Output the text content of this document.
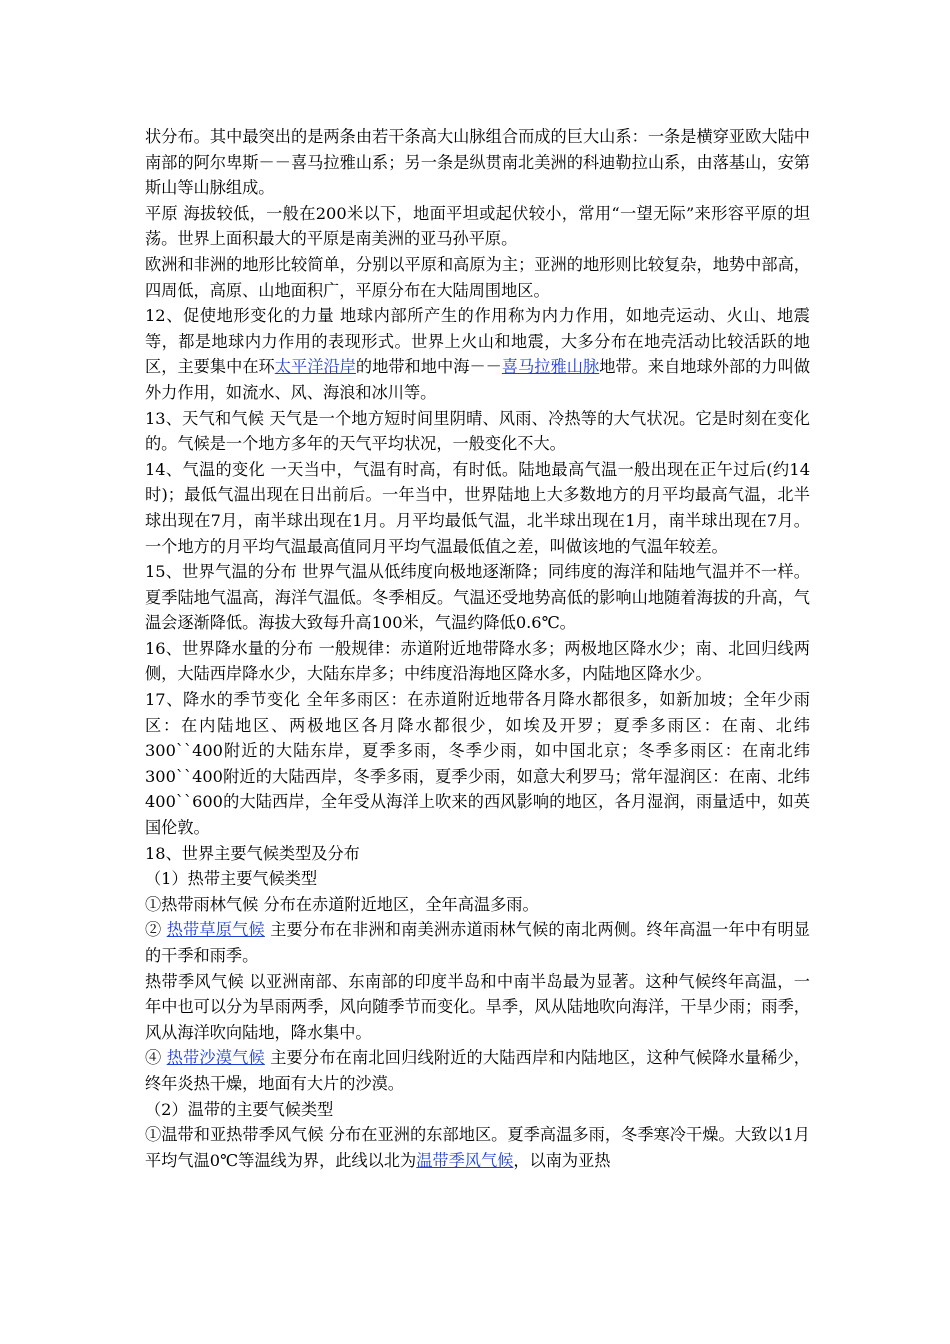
状分布。其中最突出的是两条由若干条高大山脉组合而成的巨大山系：一条是横穿亚欧大陆中南部的阿尔卑斯－－喜马拉雅山系；另一条是纵贯南北美洲的科迪勒拉山系，由落基山，安第斯山等山脉组成。

平原 海拔较低，一般在200米以下，地面平坦或起伏较小，常用“一望无际”来形容平原的坦荡。世界上面积最大的平原是南美洲的亚马孙平原。

欧洲和非洲的地形比较简单，分别以平原和高原为主；亚洲的地形则比较复杂，地势中部高，四周低，高原、山地面积广，平原分布在大陆周围地区。

12、促使地形变化的力量 地球内部所产生的作用称为内力作用，如地壳运动、火山、地震等，都是地球内力作用的表现形式。世界上火山和地震，大多分布在地壳活动比较活跃的地区，主要集中在环太平洋沿岸的地带和地中海－－喜马拉雅山脉地带。来自地球外部的力叫做外力作用，如流水、风、海浪和冰川等。

13、天气和气候 天气是一个地方短时间里阴晴、风雨、冷热等的大气状况。它是时刻在变化的。气候是一个地方多年的天气平均状况，一般变化不大。

14、气温的变化 一天当中，气温有时高，有时低。陆地最高气温一般出现在正午过后(约14时)；最低气温出现在日出前后。一年当中，世界陆地上大多数地方的月平均最高气温，北半球出现在7月，南半球出现在1月。月平均最低气温，北半球出现在1月，南半球出现在7月。一个地方的月平均气温最高值同月平均气温最低值之差，叫做该地的气温年较差。

15、世界气温的分布 世界气温从低纬度向极地逐渐降；同纬度的海洋和陆地气温并不一样。夏季陆地气温高，海洋气温低。冬季相反。气温还受地势高低的影响山地随着海拔的升高，气温会逐渐降低。海拔大致每升高100米，气温约降低0.6℃。

16、世界降水量的分布 一般规律：赤道附近地带降水多；两极地区降水少；南、北回归线两侧，大陆西岸降水少，大陆东岸多；中纬度沿海地区降水多，内陆地区降水少。

17、降水的季节变化 全年多雨区：在赤道附近地带各月降水都很多，如新加坡；全年少雨区：在内陆地区、两极地区各月降水都很少，如埃及开罗；夏季多雨区：在南、北纬300``400附近的大陆东岸，夏季多雨，冬季少雨，如中国北京；冬季多雨区：在南北纬300``400附近的大陆西岸，冬季多雨，夏季少雨，如意大利罗马；常年湿润区：在南、北纬400``600的大陆西岸，全年受从海洋上吹来的西风影响的地区，各月湿润，雨量适中，如英国伦敦。

18、世界主要气候类型及分布

（1）热带主要气候类型

①热带雨林气候 分布在赤道附近地区，全年高温多雨。

② 热带草原气候 主要分布在非洲和南美洲赤道雨林气候的南北两侧。终年高温一年中有明显的干季和雨季。

热带季风气候 以亚洲南部、东南部的印度半岛和中南半岛最为显著。这种气候终年高温，一年中也可以分为旱雨两季，风向随季节而变化。旱季，风从陆地吹向海洋，干旱少雨；雨季，风从海洋吹向陆地，降水集中。

④ 热带沙漠气候 主要分布在南北回归线附近的大陆西岸和内陆地区，这种气候降水量稀少，终年炎热干燥，地面有大片的沙漠。

（2）温带的主要气候类型

①温带和亚热带季风气候 分布在亚洲的东部地区。夏季高温多雨，冬季寒冷干燥。大致以1月平均气温0℃等温线为界，此线以北为温带季风气候，以南为亚热
